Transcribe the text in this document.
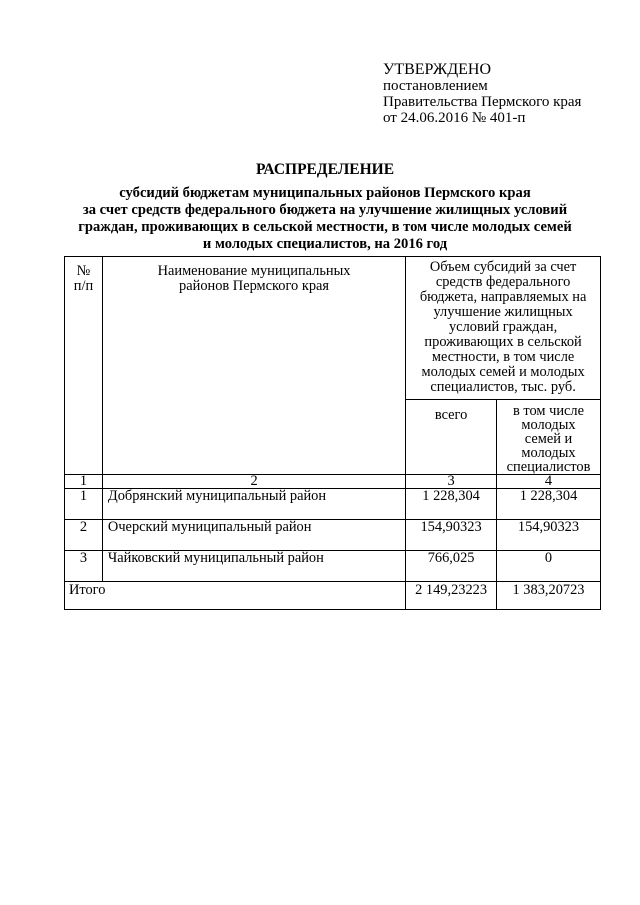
УТВЕРЖДЕНО
постановлением
Правительства Пермского края
от 24.06.2016 № 401-п
РАСПРЕДЕЛЕНИЕ
субсидий бюджетам муниципальных районов Пермского края
за счет средств федерального бюджета на улучшение жилищных условий
граждан, проживающих в сельской местности, в том числе молодых семей
и молодых специалистов, на 2016 год
№ п/п	Наименование муниципальных районов Пермского края	Объем субсидий за счет средств федерального бюджета, направляемых на улучшение жилищных условий граждан, проживающих в сельской местности, в том числе молодых семей и молодых специалистов, тыс. руб.	

		всего	в том числе молодых семей и молодых специалистов

1	2	3	4
1	Добрянский муниципальный район	1 228,304	1 228,304
2	Очерский муниципальный район	154,90323	154,90323
3	Чайковский муниципальный район	766,025	0
Итого		2 149,23223	1 383,20723
